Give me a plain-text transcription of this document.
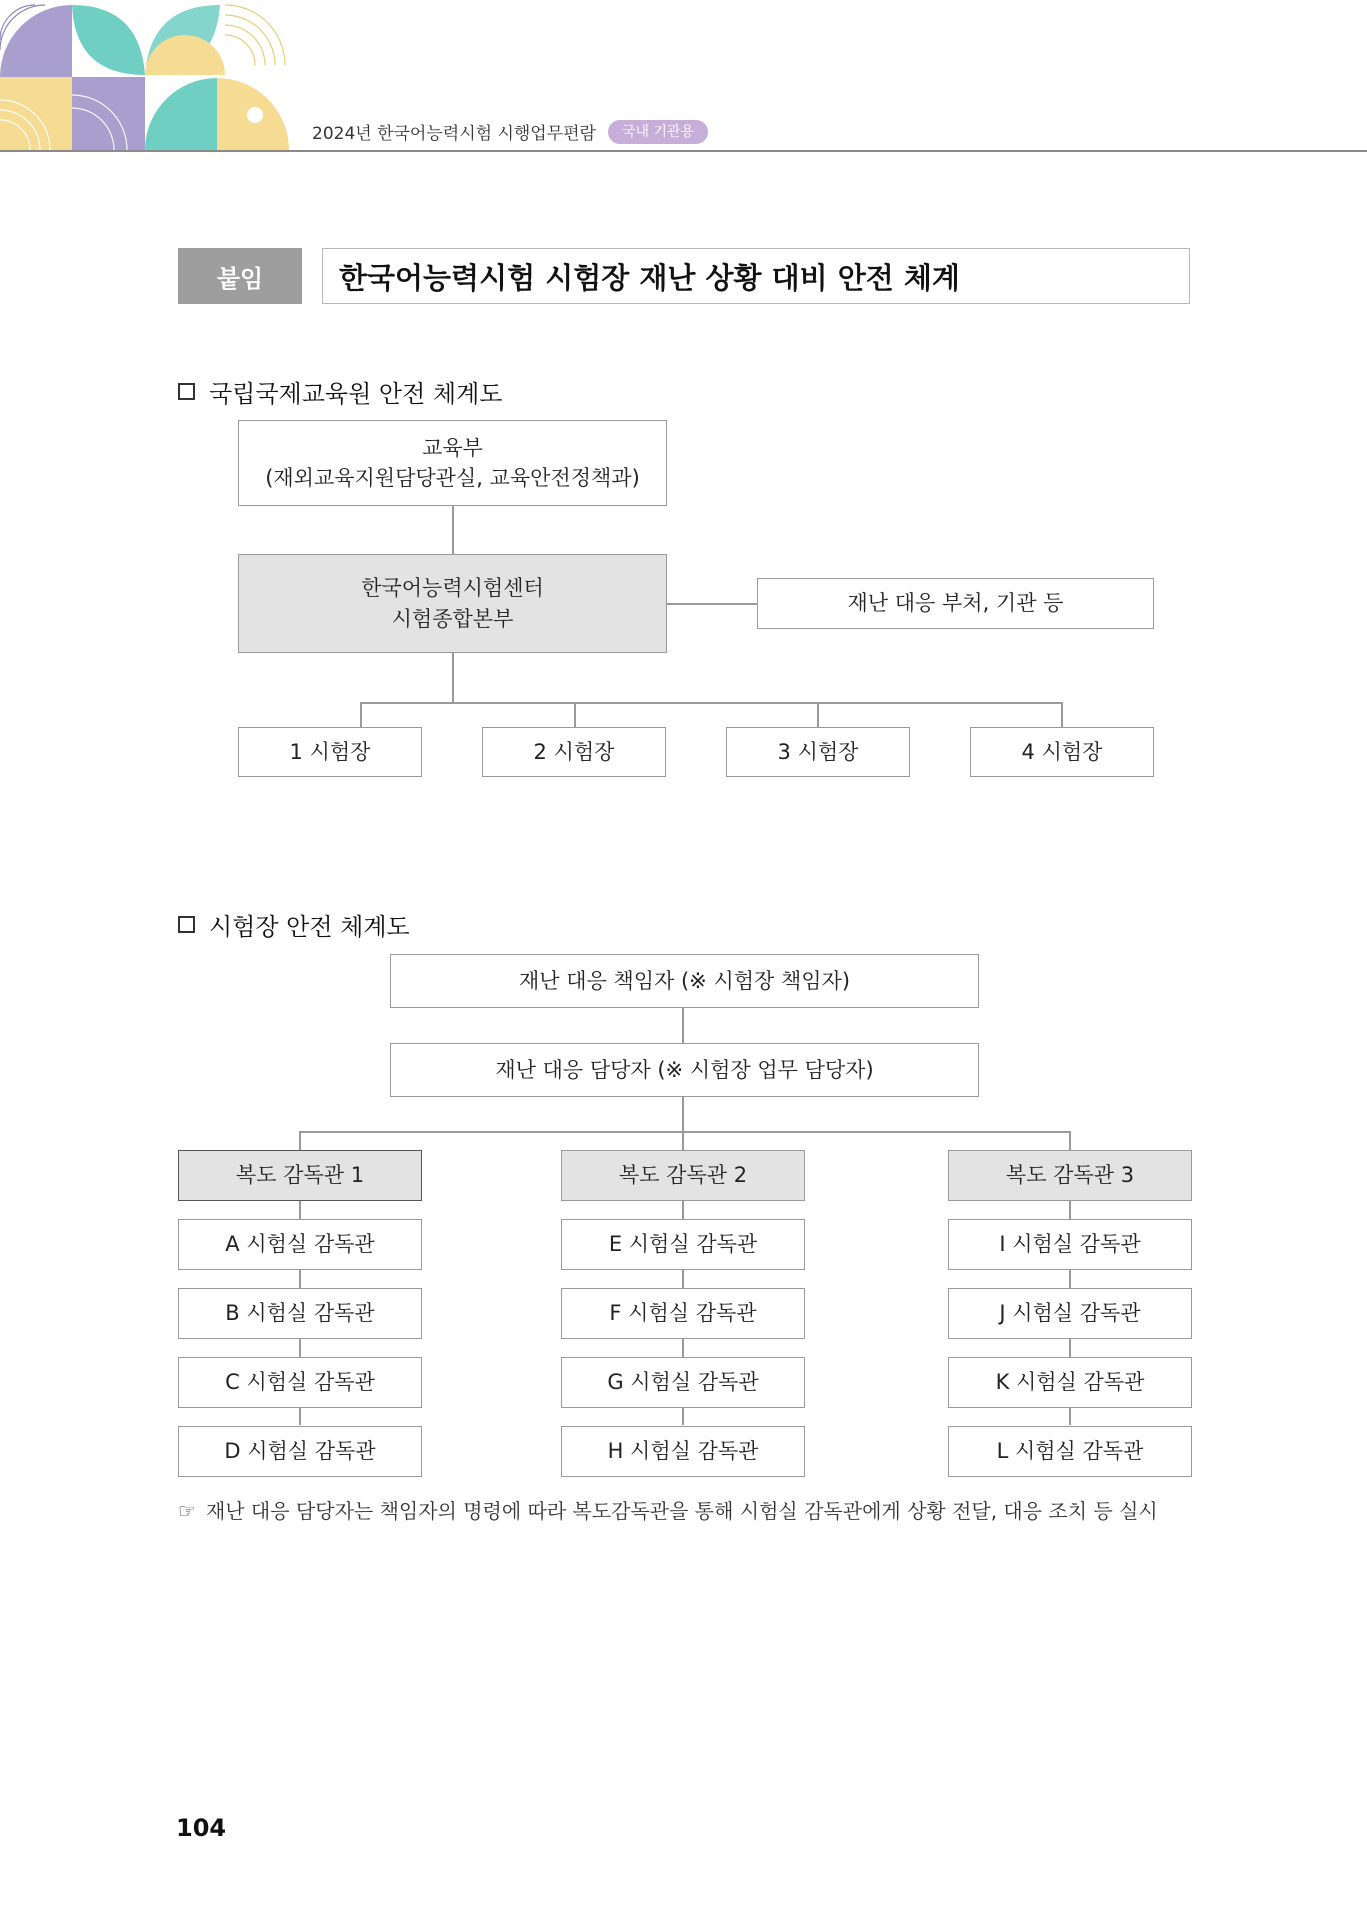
2024년 한국어능력시험 시행업무편람	국내 기관용
붙임	한국어능력시험 시험장 재난 상황 대비 안전 체계
국립국제교육원 안전 체계도
교육부
(재외교육지원담당관실, 교육안전정책과)
한국어능력시험센터
시험종합본부
재난 대응 부처, 기관 등
1 시험장	2 시험장	3 시험장	4 시험장
시험장 안전 체계도
재난 대응 책임자 (※ 시험장 책임자)
재난 대응 담당자 (※ 시험장 업무 담당자)
복도 감독관 1
A 시험실 감독관
B 시험실 감독관
C 시험실 감독관
D 시험실 감독관
복도 감독관 2
E 시험실 감독관
F 시험실 감독관
G 시험실 감독관
H 시험실 감독관
복도 감독관 3
I 시험실 감독관
J 시험실 감독관
K 시험실 감독관
L 시험실 감독관
☞ 재난 대응 담당자는 책임자의 명령에 따라 복도감독관을 통해 시험실 감독관에게 상황 전달, 대응 조치 등 실시
104
